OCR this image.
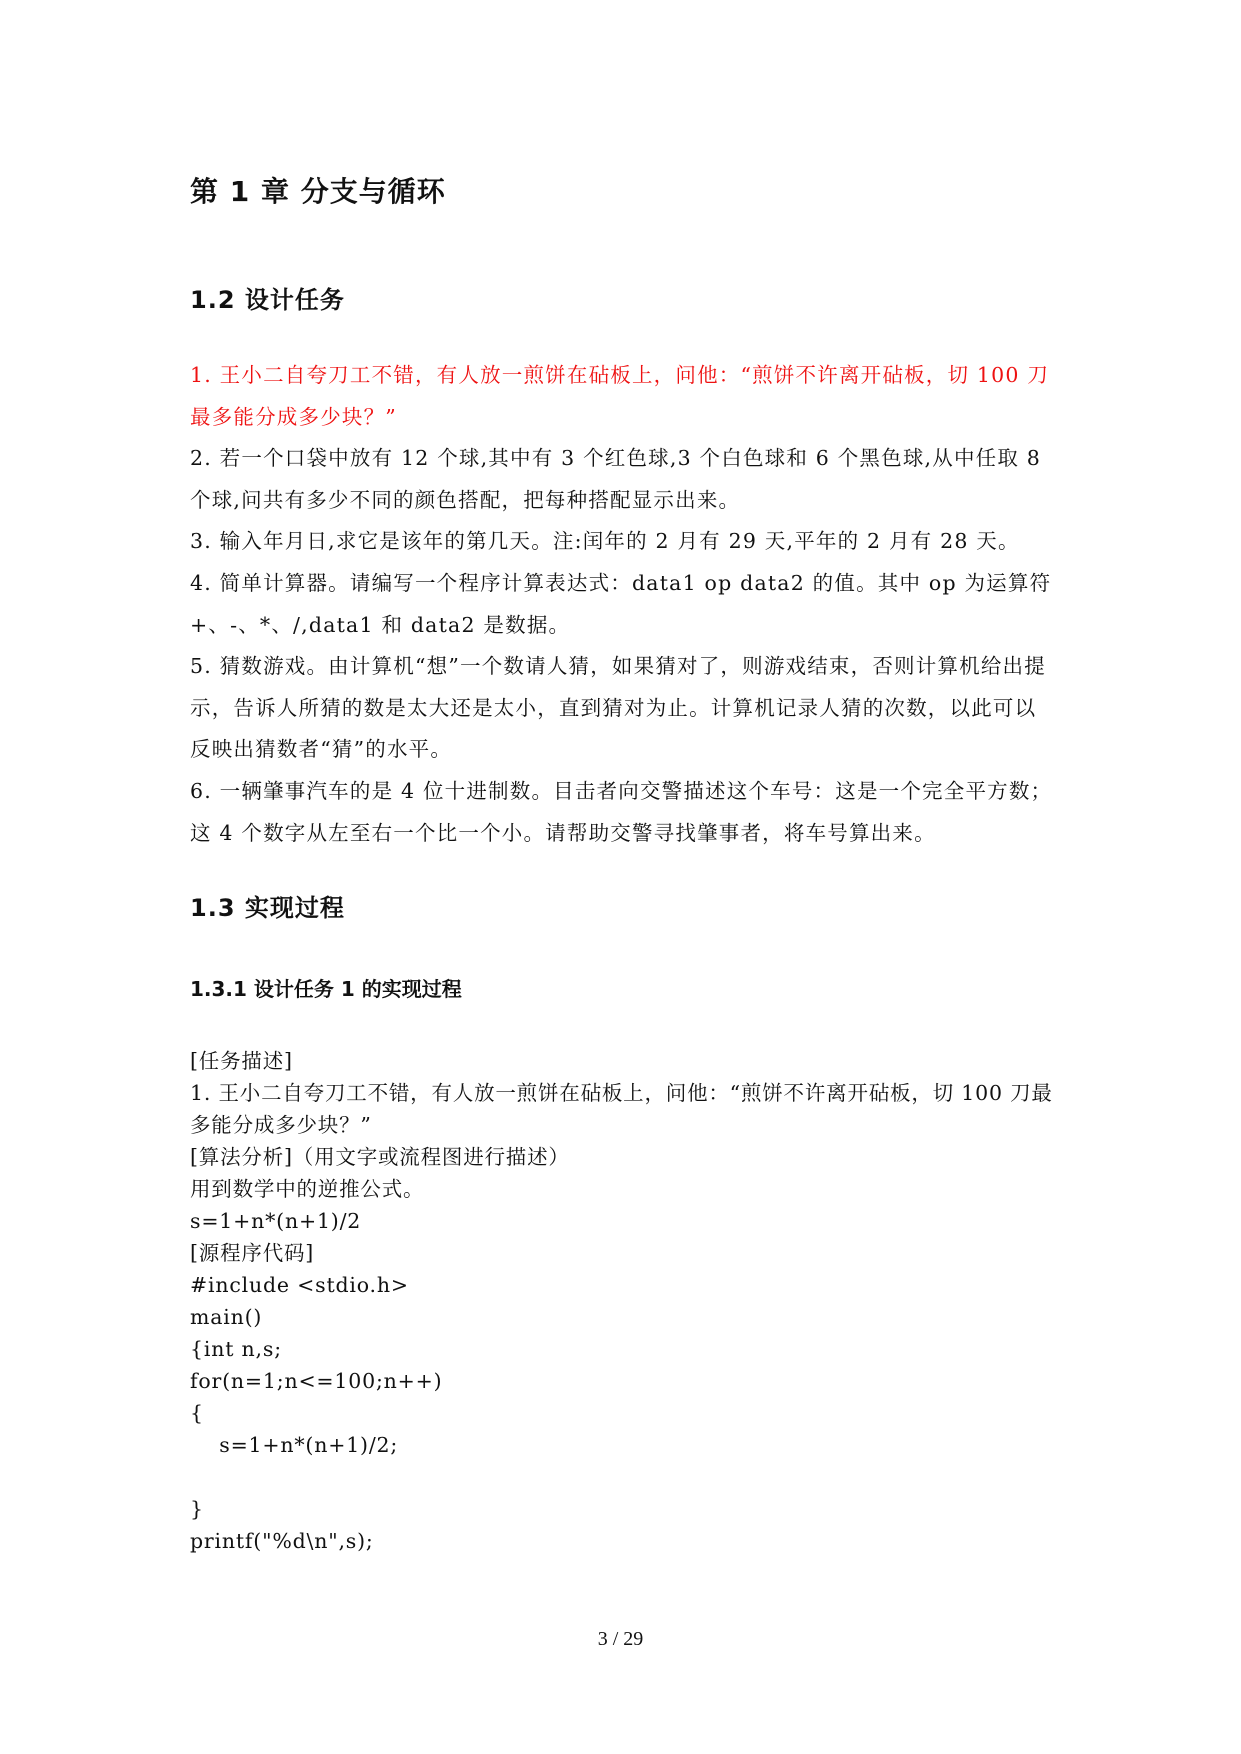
第 1 章 分支与循环
1.2 设计任务

1. 王小二自夸刀工不错，有人放一煎饼在砧板上，问他：“煎饼不许离开砧板，切 100 刀最多能分成多少块？”

2. 若一个口袋中放有 12 个球,其中有 3 个红色球,3 个白色球和 6 个黑色球,从中任取 8 个球,问共有多少不同的颜色搭配，把每种搭配显示出来。

3. 输入年月日,求它是该年的第几天。注:闰年的 2 月有 29 天,平年的 2 月有 28 天。

4. 简单计算器。请编写一个程序计算表达式：data1 op data2 的值。其中 op 为运算符+、-、*、/,data1 和 data2 是数据。

5. 猜数游戏。由计算机“想”一个数请人猜，如果猜对了，则游戏结束，否则计算机给出提示，告诉人所猜的数是太大还是太小，直到猜对为止。计算机记录人猜的次数，以此可以反映出猜数者“猜”的水平。

6. 一辆肇事汽车的是 4 位十进制数。目击者向交警描述这个车号：这是一个完全平方数；这 4 个数字从左至右一个比一个小。请帮助交警寻找肇事者，将车号算出来。

1.3 实现过程
1.3.1 设计任务 1 的实现过程

[任务描述]

1. 王小二自夸刀工不错，有人放一煎饼在砧板上，问他：“煎饼不许离开砧板，切 100 刀最多能分成多少块？”

[算法分析]（用文字或流程图进行描述）

用到数学中的逆推公式。

s=1+n*(n+1)/2

[源程序代码]

#include <stdio.h>

main()

{int n,s;

for(n=1;n<=100;n++)

{

s=1+n*(n+1)/2;

}

printf("%d\n",s);

3 / 29
